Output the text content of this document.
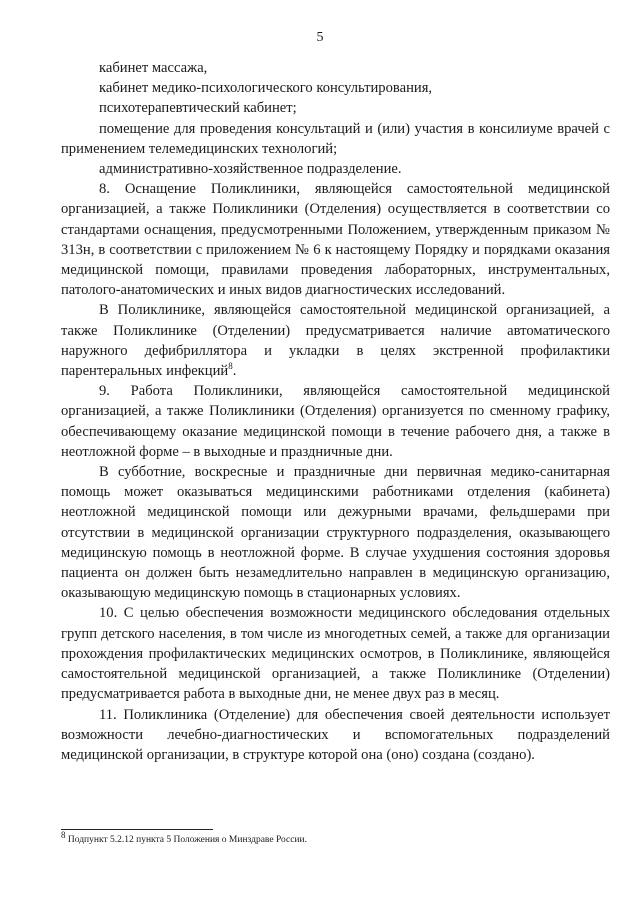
5
кабинет массажа,
кабинет медико-психологического консультирования,
психотерапевтический кабинет;

помещение для проведения консультаций и (или) участия в консилиуме врачей с применением телемедицинских технологий;

административно-хозяйственное подразделение.

8. Оснащение Поликлиники, являющейся самостоятельной медицинской организацией, а также Поликлиники (Отделения) осуществляется в соответствии со стандартами оснащения, предусмотренными Положением, утвержденным приказом № 313н, в соответствии с приложением № 6 к настоящему Порядку и порядками оказания медицинской помощи, правилами проведения лабораторных, инструментальных, патолого-анатомических и иных видов диагностических исследований.

В Поликлинике, являющейся самостоятельной медицинской организацией, а также Поликлинике (Отделении) предусматривается наличие автоматического наружного дефибриллятора и укладки в целях экстренной профилактики парентеральных инфекций$^8$.

9. Работа Поликлиники, являющейся самостоятельной медицинской организацией, а также Поликлиники (Отделения) организуется по сменному графику, обеспечивающему оказание медицинской помощи в течение рабочего дня, а также в неотложной форме – в выходные и праздничные дни.

В субботние, воскресные и праздничные дни первичная медико-санитарная помощь может оказываться медицинскими работниками отделения (кабинета) неотложной медицинской помощи или дежурными врачами, фельдшерами при отсутствии в медицинской организации структурного подразделения, оказывающего медицинскую помощь в неотложной форме. В случае ухудшения состояния здоровья пациента он должен быть незамедлительно направлен в медицинскую организацию, оказывающую медицинскую помощь в стационарных условиях.

10. С целью обеспечения возможности медицинского обследования отдельных групп детского населения, в том числе из многодетных семей, а также для организации прохождения профилактических медицинских осмотров, в Поликлинике, являющейся самостоятельной медицинской организацией, а также Поликлинике (Отделении) предусматривается работа в выходные дни, не менее двух раз в месяц.

11. Поликлиника (Отделение) для обеспечения своей деятельности использует возможности лечебно-диагностических и вспомогательных подразделений медицинской организации, в структуре которой она (оно) создана (создано).

$^8$ Подпункт 5.2.12 пункта 5 Положения о Минздраве России.
